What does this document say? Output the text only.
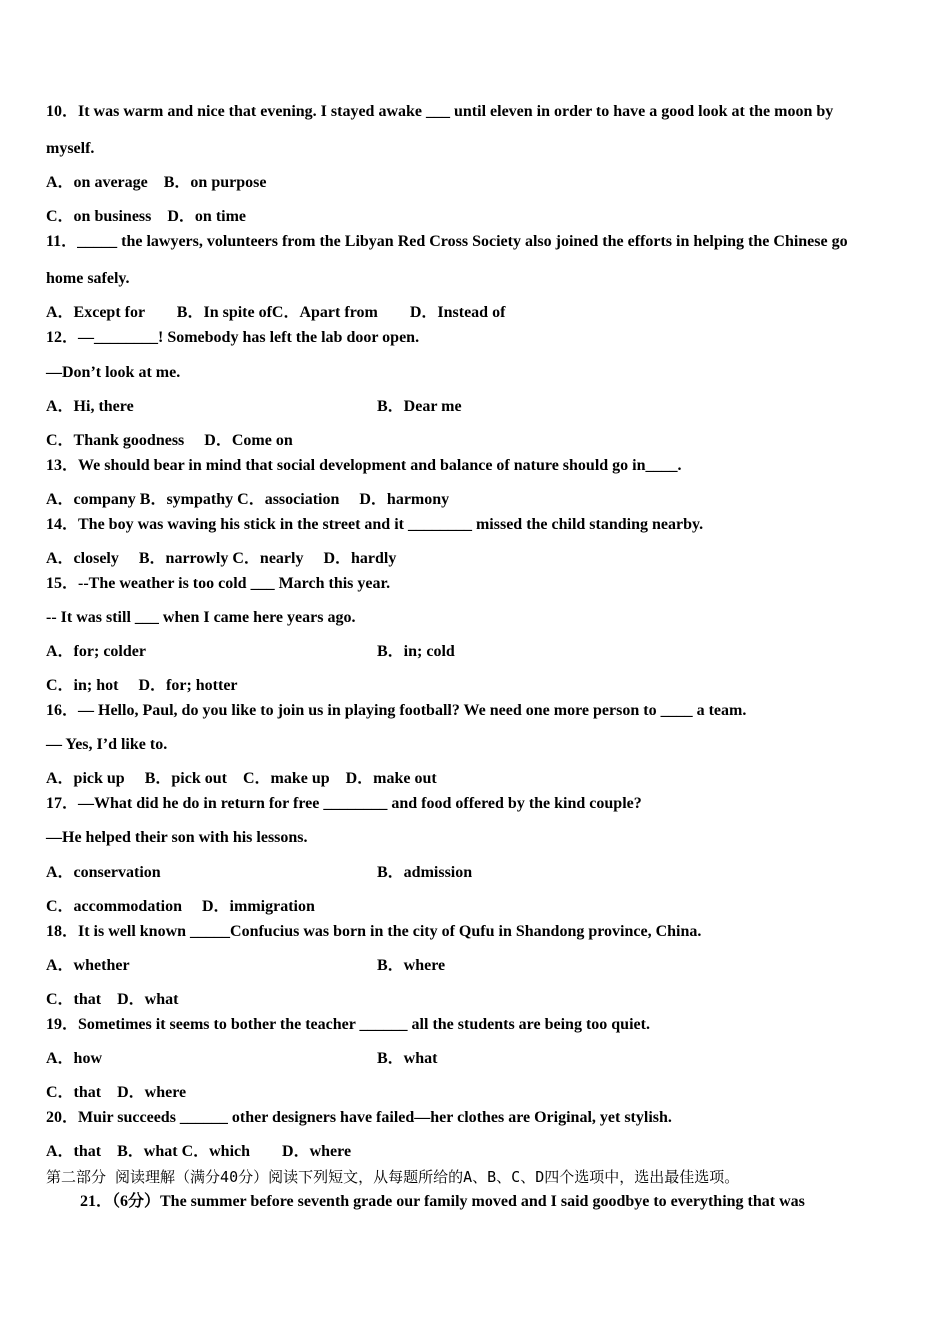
10．It was warm and nice that evening. I stayed awake ___ until eleven in order to have a good look at the moon by
myself.
A．on average　B．on purpose
C．on business　D．on time
11．_____ the lawyers, volunteers from the Libyan Red Cross Society also joined the efforts in helping the Chinese go
home safely.
A．Except for　　B．In spite ofC．Apart from　　D．Instead of
12．—________! Somebody has left the lab door open.
—Don’t look at me.
A．Hi, there	B．Dear me
C．Thank goodness　 D．Come on
13．We should bear in mind that social development and balance of nature should go in____.
A．company B．sympathy C．association　 D．harmony
14．The boy was waving his stick in the street and it ________ missed the child standing nearby.
A．closely　 B．narrowly C．nearly　 D．hardly
15．--The weather is too cold ___ March this year.
-- It was still ___ when I came here years ago.
A．for; colder	B．in; cold
C．in; hot　 D．for; hotter
16．— Hello, Paul, do you like to join us in playing football? We need one more person to ____ a team.
— Yes, I’d like to.
A．pick up　 B．pick out　C．make up　D．make out
17．—What did he do in return for free ________ and food offered by the kind couple?
—He helped their son with his lessons.
A．conservation	B．admission
C．accommodation　 D．immigration
18．It is well known _____Confucius was born in the city of Qufu in Shandong province, China.
A．whether	B．where
C．that　D．what
19．Sometimes it seems to bother the teacher ______ all the students are being too quiet.
A．how	B．what
C．that　D．where
20．Muir succeeds ______ other designers have failed—her clothes are Original, yet stylish.
A．that　B．what C．which　　D．where
第二部分 阅读理解（满分40分）阅读下列短文，从每题所给的A、B、C、D四个选项中，选出最佳选项。
21．（6分）The summer before seventh grade our family moved and I said goodbye to everything that was
